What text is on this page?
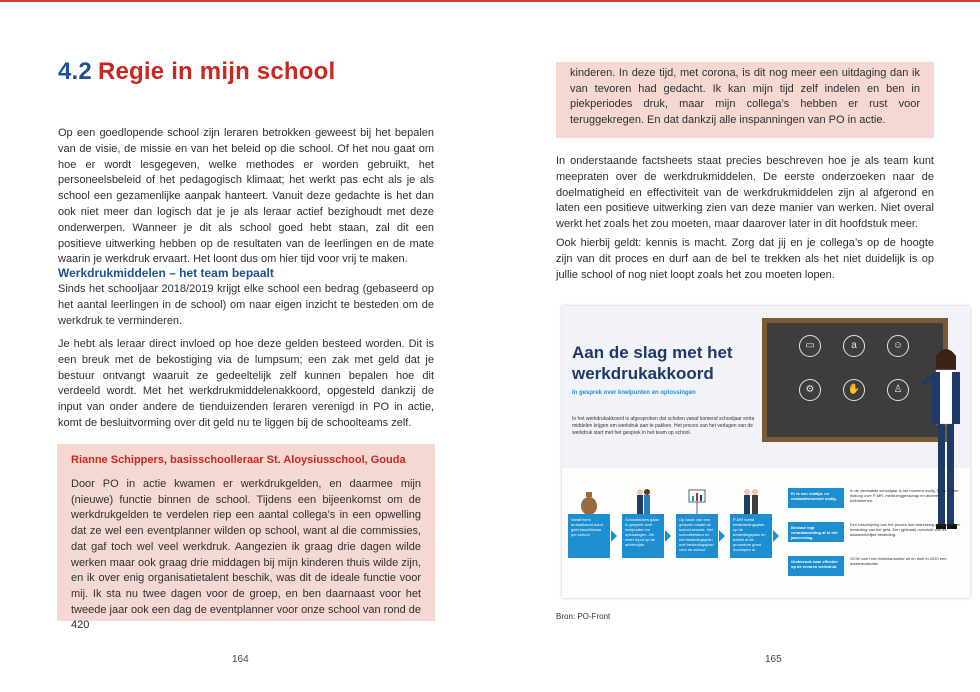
4.2 Regie in mijn school

Op een goedlopende school zijn leraren betrokken geweest bij het bepalen van de visie, de missie en van het beleid op die school. Of het nou gaat om hoe er wordt lesgegeven, welke methodes er worden gebruikt, het personeelsbeleid of het pedagogisch klimaat; het werkt pas echt als je als school een gezamenlijke aanpak hanteert. Vanuit deze gedachte is het dan ook niet meer dan logisch dat je je als leraar actief bezighoudt met deze onderwerpen. Wanneer je dit als school goed hebt staan, zal dit een positieve uitwerking hebben op de resultaten van de leerlingen en de mate waarin je werkdruk ervaart. Het loont dus om hier tijd voor vrij te maken.

Werkdrukmiddelen – het team bepaalt

Sinds het schooljaar 2018/2019 krijgt elke school een bedrag (gebaseerd op het aantal leerlingen in de school) om naar eigen inzicht te besteden om de werkdruk te verminderen.

Je hebt als leraar direct invloed op hoe deze gelden besteed worden. Dit is een breuk met de bekostiging via de lumpsum; een zak met geld dat je bestuur ontvangt waaruit ze gedeeltelijk zelf kunnen bepalen hoe dit verdeeld wordt. Met het werkdrukmiddelenakkoord, opgesteld dankzij de input van onder andere de tienduizenden leraren verenigd in PO in actie, komt de besluitvorming over dit geld nu te liggen bij de schoolteams zelf.

Rianne Schippers, basisschoolleraar St. Aloysiusschool, Gouda

Door PO in actie kwamen er werkdrukgelden, en daarmee mijn (nieuwe) functie binnen de school. Tijdens een bijeenkomst om de werkdrukgelden te verdelen riep een aantal collega’s in een opwelling dat ze wel een eventplanner wilden op school, want al die commissies, dat gaf toch wel veel werkdruk. Aangezien ik graag drie dagen wilde werken maar ook graag drie middagen bij mijn kinderen thuis wilde zijn, en ik over enig organisatietalent beschik, was dit de ideale functie voor mij. Ik sta nu twee dagen voor de groep, en ben daarnaast voor het tweede jaar ook een dag de eventplanner voor onze school van rond de 420

164
kinderen. In deze tijd, met corona, is dit nog meer een uitdaging dan ik van tevoren had gedacht. Ik kan mijn tijd zelf indelen en ben in piekperiodes druk, maar mijn collega’s hebben er rust voor teruggekregen. En dat dankzij alle inspanningen van PO in actie.

In onderstaande factsheets staat precies beschreven hoe je als team kunt meepraten over de werkdrukmiddelen. De eerste onderzoeken naar de doelmatigheid en effectiviteit van de werkdrukmiddelen zijn al afgerond en laten een positieve uitwerking zien van deze manier van werken. Niet overal werkt het zoals het zou moeten, maar daarover later in dit hoofdstuk meer.

Ook hierbij geldt: kennis is macht. Zorg dat jij en je collega’s op de hoogte zijn van dit proces en durf aan de bel te trekken als het niet duidelijk is op jullie school of nog niet loopt zoals het zou moeten lopen.

Aan de slag met het werkdrukakkoord
In gesprek over knelpunten en oplossingen
In het werkdrukakkoord is afgesproken dat scholen vanaf komend schooljaar extra middelen krijgen om werkdruk aan te pakken. Het proces van het verlagen van de werkdruk start met het gesprek in het team op school.
▭	a	☺
⚙	✋	♙
Vanaf werk drukakkoord komt geld beschikbaar per school.
Schoolleiders gaan in gesprek over knelpunten en oplossingen. Zie meer input op de achterzijde.
Op basis van een gesprek maakt de school keuzes. Het schoolbestuur en het bestedingsplan met bestedingsplan voor de school.
P-MR toetst bestemmingsplan op de bestedingsplan en beleid of de procedure goed doorlopen is.
Er is een realtijd- en evaluatiemoment nodig.
In de vierlaatste schooljaar is het moment nodig. Nu is er een dialoog over P-MR, medezeggenschap en andere betrokkenen.
Bestuur legt verantwoording af in het jaarverslag.
Een beschrijving van het proces met betrekking op de inzet en besteding van het geld. Een (globaal) overzicht van de daadwerkelijke besteding.
Onderzoek naar effecten op de ervaren werkdruk.
OCW voert een beleidsmonitor uit en doet in 2020 een tussenevaluatie.
Bron: PO-Front
165
